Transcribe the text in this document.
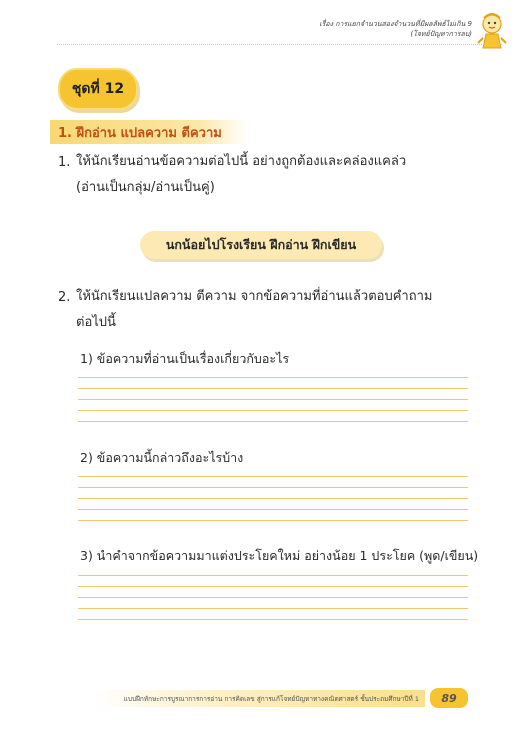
เรื่อง การแยกจำนวนสองจำนวนที่มีผลลัพธ์ไม่เกิน 9
(โจทย์ปัญหาการลบ)
ชุดที่ 12
1. ฝึกอ่าน แปลความ ตีความ
1. ให้นักเรียนอ่านข้อความต่อไปนี้ อย่างถูกต้องและคล่องแคล่ว
(อ่านเป็นกลุ่ม/อ่านเป็นคู่)
นกน้อยไปโรงเรียน ฝึกอ่าน ฝึกเขียน
2. ให้นักเรียนแปลความ ตีความ จากข้อความที่อ่านแล้วตอบคำถาม
ต่อไปนี้
1) ข้อความที่อ่านเป็นเรื่องเกี่ยวกับอะไร
2) ข้อความนี้กล่าวถึงอะไรบ้าง
3) นำคำจากข้อความมาแต่งประโยคใหม่ อย่างน้อย 1 ประโยค (พูด/เขียน)
แบบฝึกทักษะการบูรณาการการอ่าน การคิดเลข สู่การแก้โจทย์ปัญหาทางคณิตศาสตร์ ชั้นประถมศึกษาปีที่ 1	89
